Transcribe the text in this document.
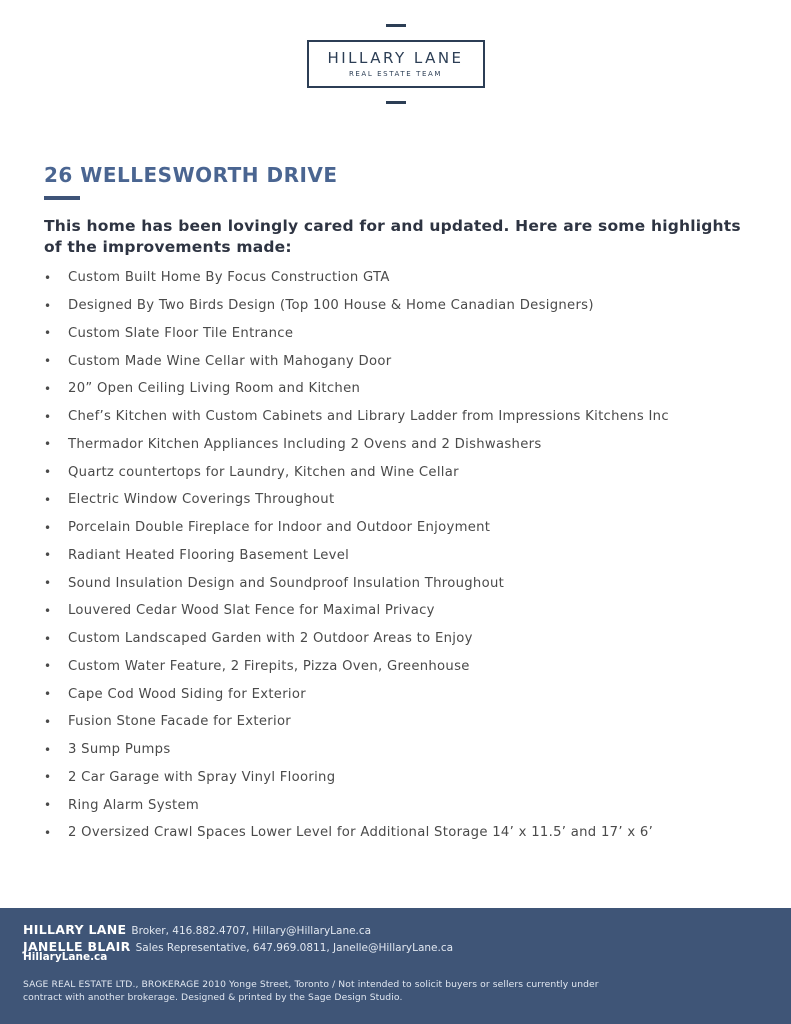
HILLARY LANE
REAL ESTATE TEAM
26 WELLESWORTH DRIVE

This home has been lovingly cared for and updated. Here are some highlights of the improvements made:

•	Custom Built Home By Focus Construction GTA
•	Designed By Two Birds Design (Top 100 House & Home Canadian Designers)
•	Custom Slate Floor Tile Entrance
•	Custom Made Wine Cellar with Mahogany Door
•	20” Open Ceiling Living Room and Kitchen
•	Chef’s Kitchen with Custom Cabinets and Library Ladder from Impressions Kitchens Inc
•	Thermador Kitchen Appliances Including 2 Ovens and 2 Dishwashers
•	Quartz countertops for Laundry, Kitchen and Wine Cellar
•	Electric Window Coverings Throughout
•	Porcelain Double Fireplace for Indoor and Outdoor Enjoyment
•	Radiant Heated Flooring Basement Level
•	Sound Insulation Design and Soundproof Insulation Throughout
•	Louvered Cedar Wood Slat Fence for Maximal Privacy
•	Custom Landscaped Garden with 2 Outdoor Areas to Enjoy
•	Custom Water Feature, 2 Firepits, Pizza Oven, Greenhouse
•	Cape Cod Wood Siding for Exterior
•	Fusion Stone Facade for Exterior
•	3 Sump Pumps
•	2 Car Garage with Spray Vinyl Flooring
•	Ring Alarm System
•	2 Oversized Crawl Spaces Lower Level for Additional Storage 14’ x 11.5’ and 17’ x 6’
HILLARY LANE Broker, 416.882.4707, Hillary@HillaryLane.ca
JANELLE BLAIR Sales Representative, 647.969.0811, Janelle@HillaryLane.ca
HillaryLane.ca
SAGE REAL ESTATE LTD., BROKERAGE 2010 Yonge Street, Toronto / Not intended to solicit buyers or sellers currently under contract with another brokerage. Designed & printed by the Sage Design Studio.
